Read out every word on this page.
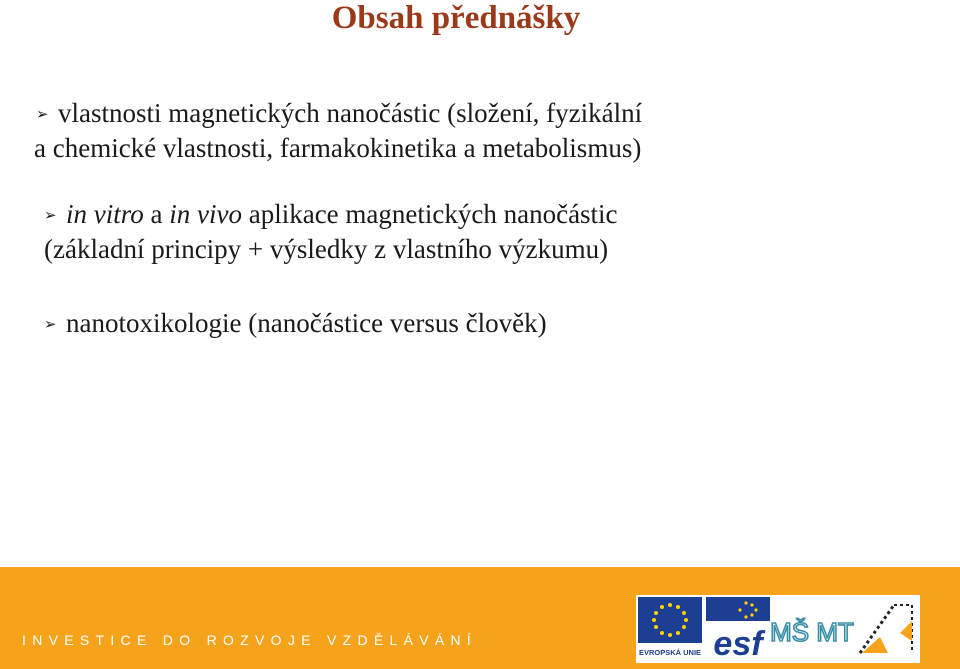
Obsah přednášky
➢ vlastnosti magnetických nanočástic (složení, fyzikální
a chemické vlastnosti, farmakokinetika a metabolismus)
➢ in vitro a in vivo aplikace magnetických nanočástic
(základní principy + výsledky z vlastního výzkumu)
➢ nanotoxikologie (nanočástice versus člověk)
INVESTICE DO ROZVOJE VZDĚLÁVÁNÍ
EVROPSKÁ UNIE esf MŠ MT
